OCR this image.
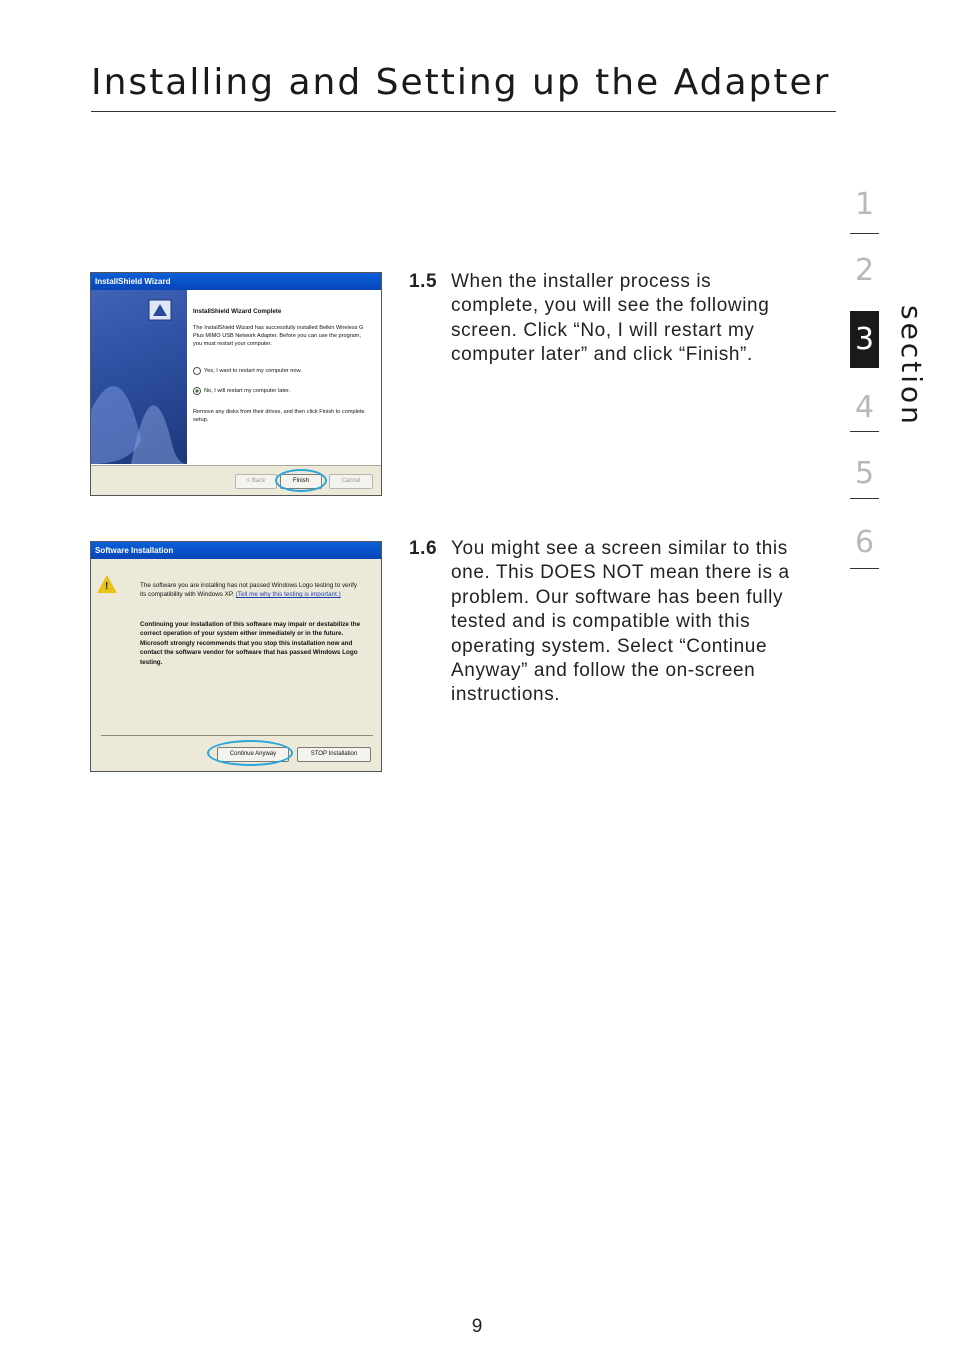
Installing and Setting up the Adapter
1
2
3
4
5
6
section
InstallShield Wizard
InstallShield Wizard Complete
The InstallShield Wizard has successfully installed Belkin Wireless G Plus MIMO USB Network Adapter. Before you can use the program, you must restart your computer.
Yes, I want to restart my computer now.
No, I will restart my computer later.
Remove any disks from their drives, and then click Finish to complete setup.
< Back	Finish	Cancel
1.5 When the installer process is complete, you will see the following screen. Click “No, I will restart my computer later” and click “Finish”.
Software Installation
!	The software you are installing has not passed Windows Logo testing to verify its compatibility with Windows XP. (Tell me why this testing is important.)
Continuing your installation of this software may impair or destabilize the correct operation of your system either immediately or in the future. Microsoft strongly recommends that you stop this installation now and contact the software vendor for software that has passed Windows Logo testing.
Continue Anyway	STOP Installation
1.6 You might see a screen similar to this one. This DOES NOT mean there is a problem. Our software has been fully tested and is compatible with this operating system. Select “Continue Anyway” and follow the on-screen instructions.
9
